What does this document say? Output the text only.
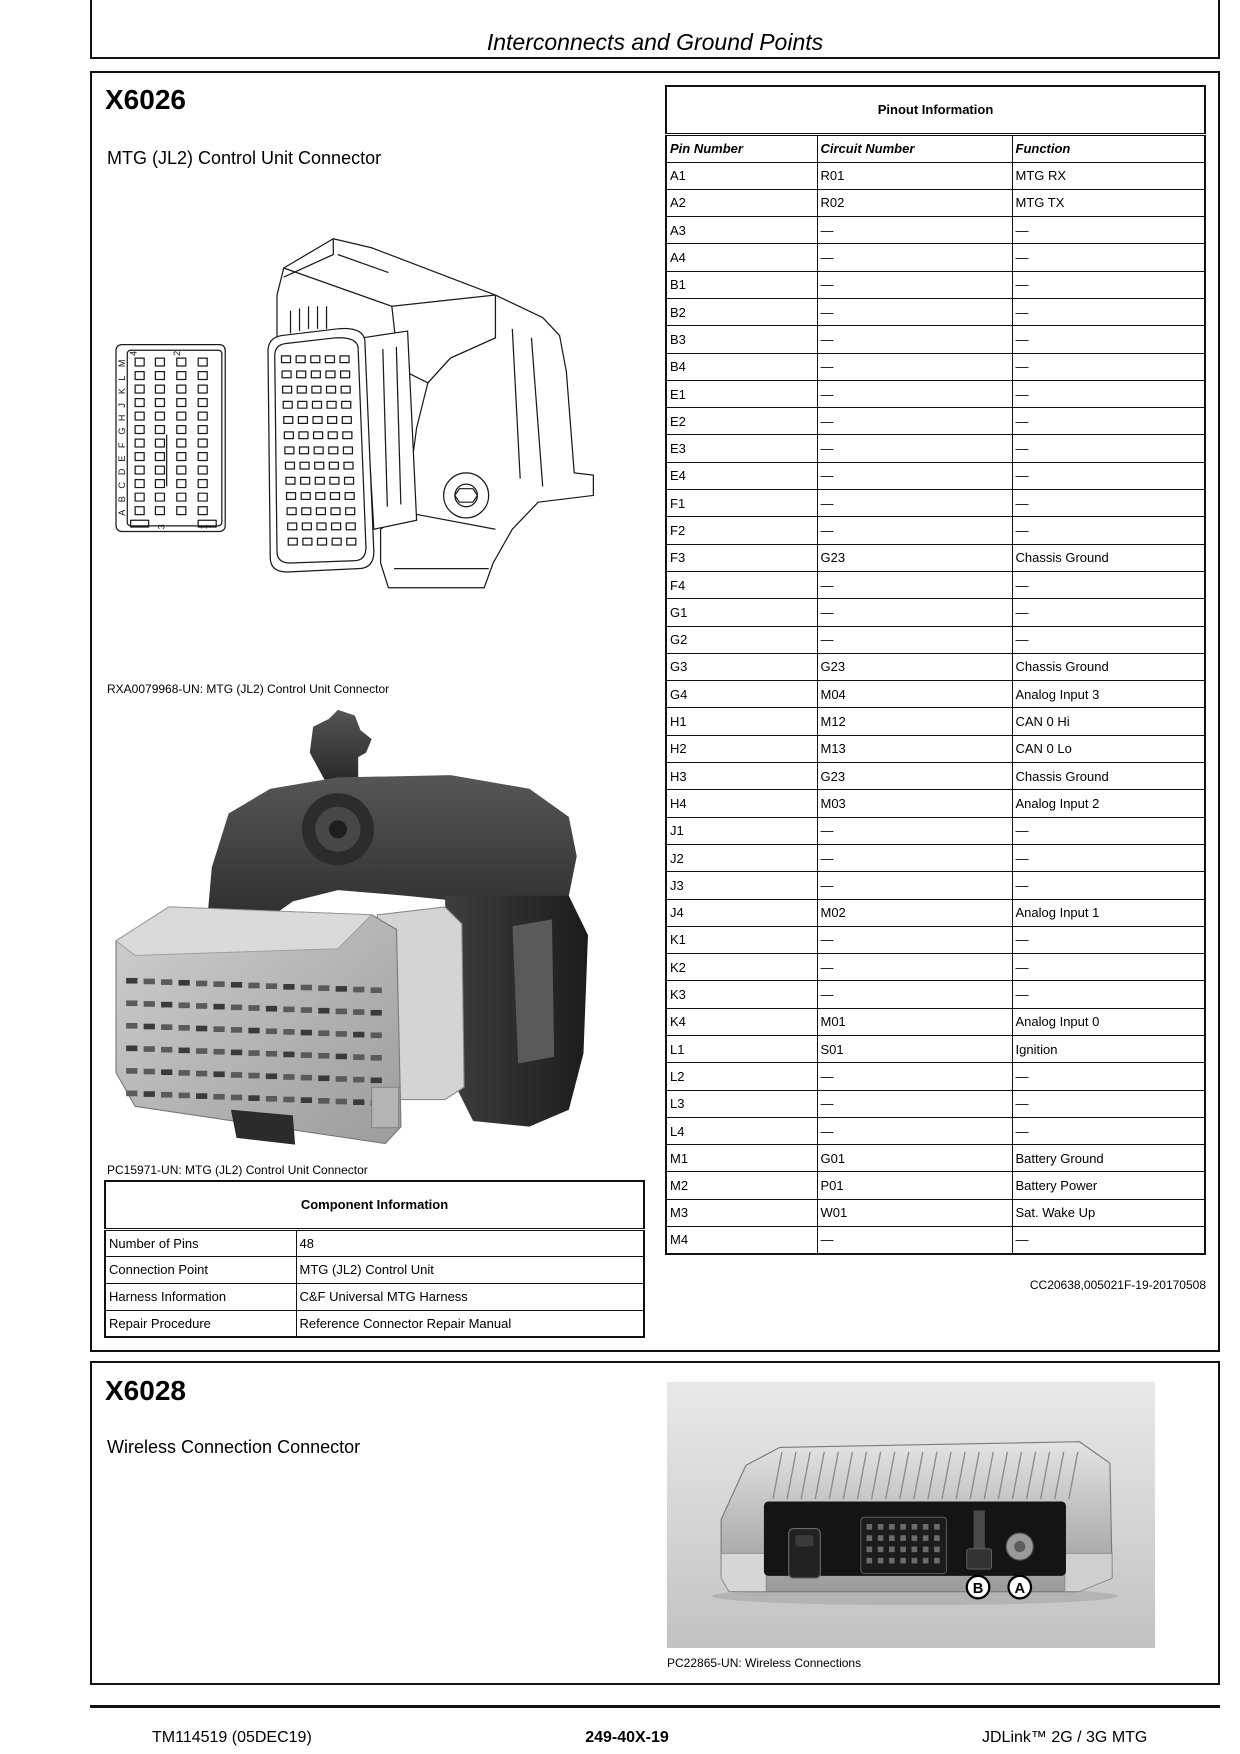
Interconnects and Ground Points
X6026
MTG (JL2) Control Unit Connector
A
B
C
D
E
F
G
H
J
K
L
M
4	2
3	1
RXA0079968-UN: MTG (JL2) Control Unit Connector
PC15971-UN: MTG (JL2) Control Unit Connector
Component Information	
Number of Pins	48
Connection Point	MTG (JL2) Control Unit
Harness Information	C&F Universal MTG Harness
Repair Procedure	Reference Connector Repair Manual
Pinout Information		
Pin Number	Circuit Number	Function
A1	R01	MTG RX
A2	R02	MTG TX
A3	—	—
A4	—	—
B1	—	—
B2	—	—
B3	—	—
B4	—	—
E1	—	—
E2	—	—
E3	—	—
E4	—	—
F1	—	—
F2	—	—
F3	G23	Chassis Ground
F4	—	—
G1	—	—
G2	—	—
G3	G23	Chassis Ground
G4	M04	Analog Input 3
H1	M12	CAN 0 Hi
H2	M13	CAN 0 Lo
H3	G23	Chassis Ground
H4	M03	Analog Input 2
J1	—	—
J2	—	—
J3	—	—
J4	M02	Analog Input 1
K1	—	—
K2	—	—
K3	—	—
K4	M01	Analog Input 0
L1	S01	Ignition
L2	—	—
L3	—	—
L4	—	—
M1	G01	Battery Ground
M2	P01	Battery Power
M3	W01	Sat. Wake Up
M4	—	—
CC20638,005021F-19-20170508
X6028
Wireless Connection Connector
B A
PC22865-UN: Wireless Connections
TM114519 (05DEC19)	249-40X-19	JDLink™ 2G / 3G MTG
